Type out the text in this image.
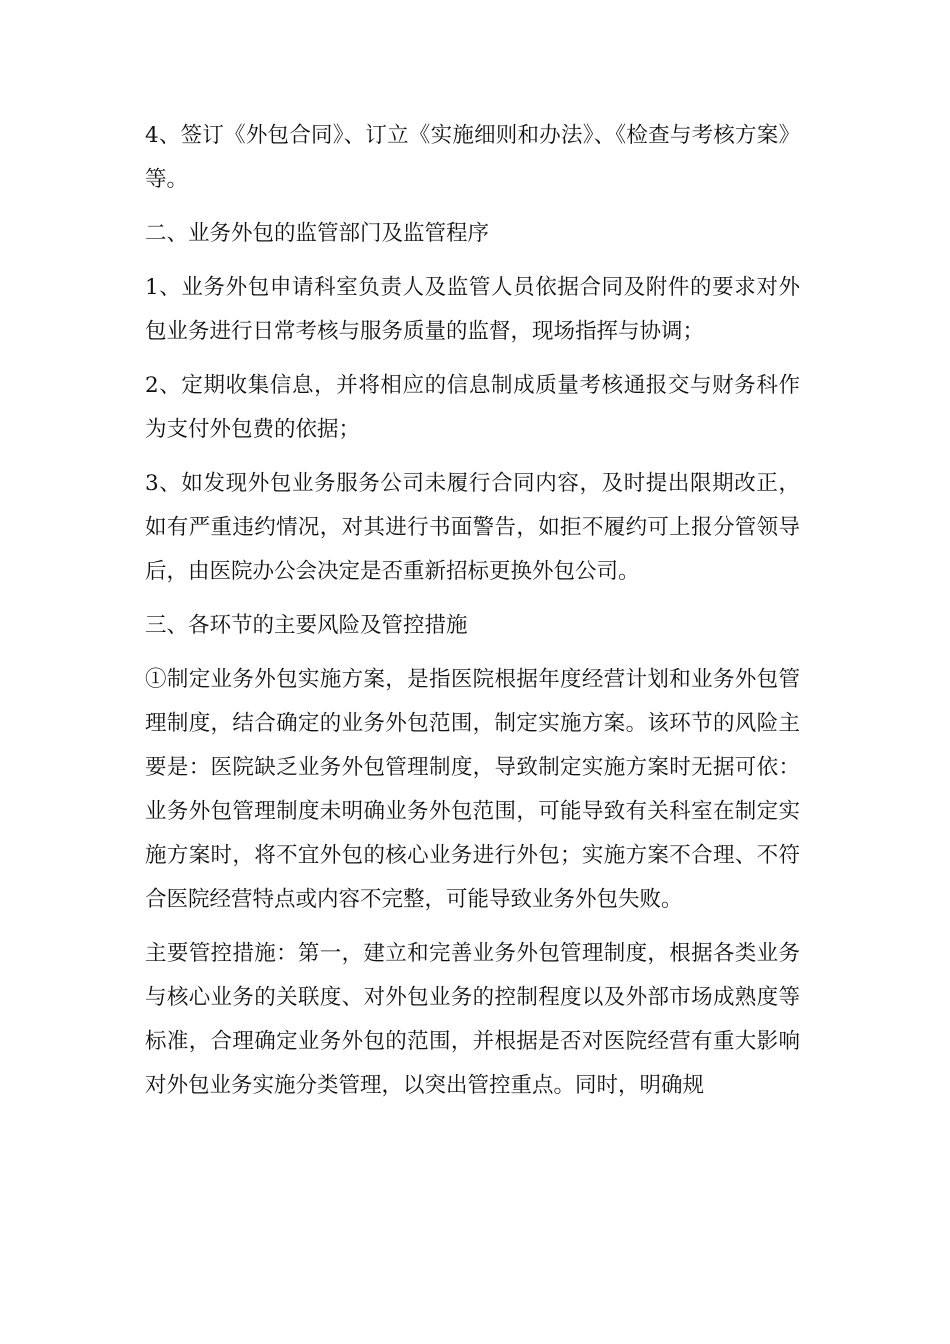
4、签订《外包合同》、订立《实施细则和办法》、《检查与考核方案》等。

二、业务外包的监管部门及监管程序

1、业务外包申请科室负责人及监管人员依据合同及附件的要求对外包业务进行日常考核与服务质量的监督，现场指挥与协调；

2、定期收集信息，并将相应的信息制成质量考核通报交与财务科作为支付外包费的依据；

3、如发现外包业务服务公司未履行合同内容，及时提出限期改正，如有严重违约情况，对其进行书面警告，如拒不履约可上报分管领导后，由医院办公会决定是否重新招标更换外包公司。

三、各环节的主要风险及管控措施

①制定业务外包实施方案，是指医院根据年度经营计划和业务外包管理制度，结合确定的业务外包范围，制定实施方案。该环节的风险主要是：医院缺乏业务外包管理制度，导致制定实施方案时无据可依：业务外包管理制度未明确业务外包范围，可能导致有关科室在制定实施方案时，将不宜外包的核心业务进行外包；实施方案不合理、不符合医院经营特点或内容不完整，可能导致业务外包失败。

主要管控措施：第一，建立和完善业务外包管理制度，根据各类业务与核心业务的关联度、对外包业务的控制程度以及外部市场成熟度等标准，合理确定业务外包的范围，并根据是否对医院经营有重大影响对外包业务实施分类管理，以突出管控重点。同时，明确规
